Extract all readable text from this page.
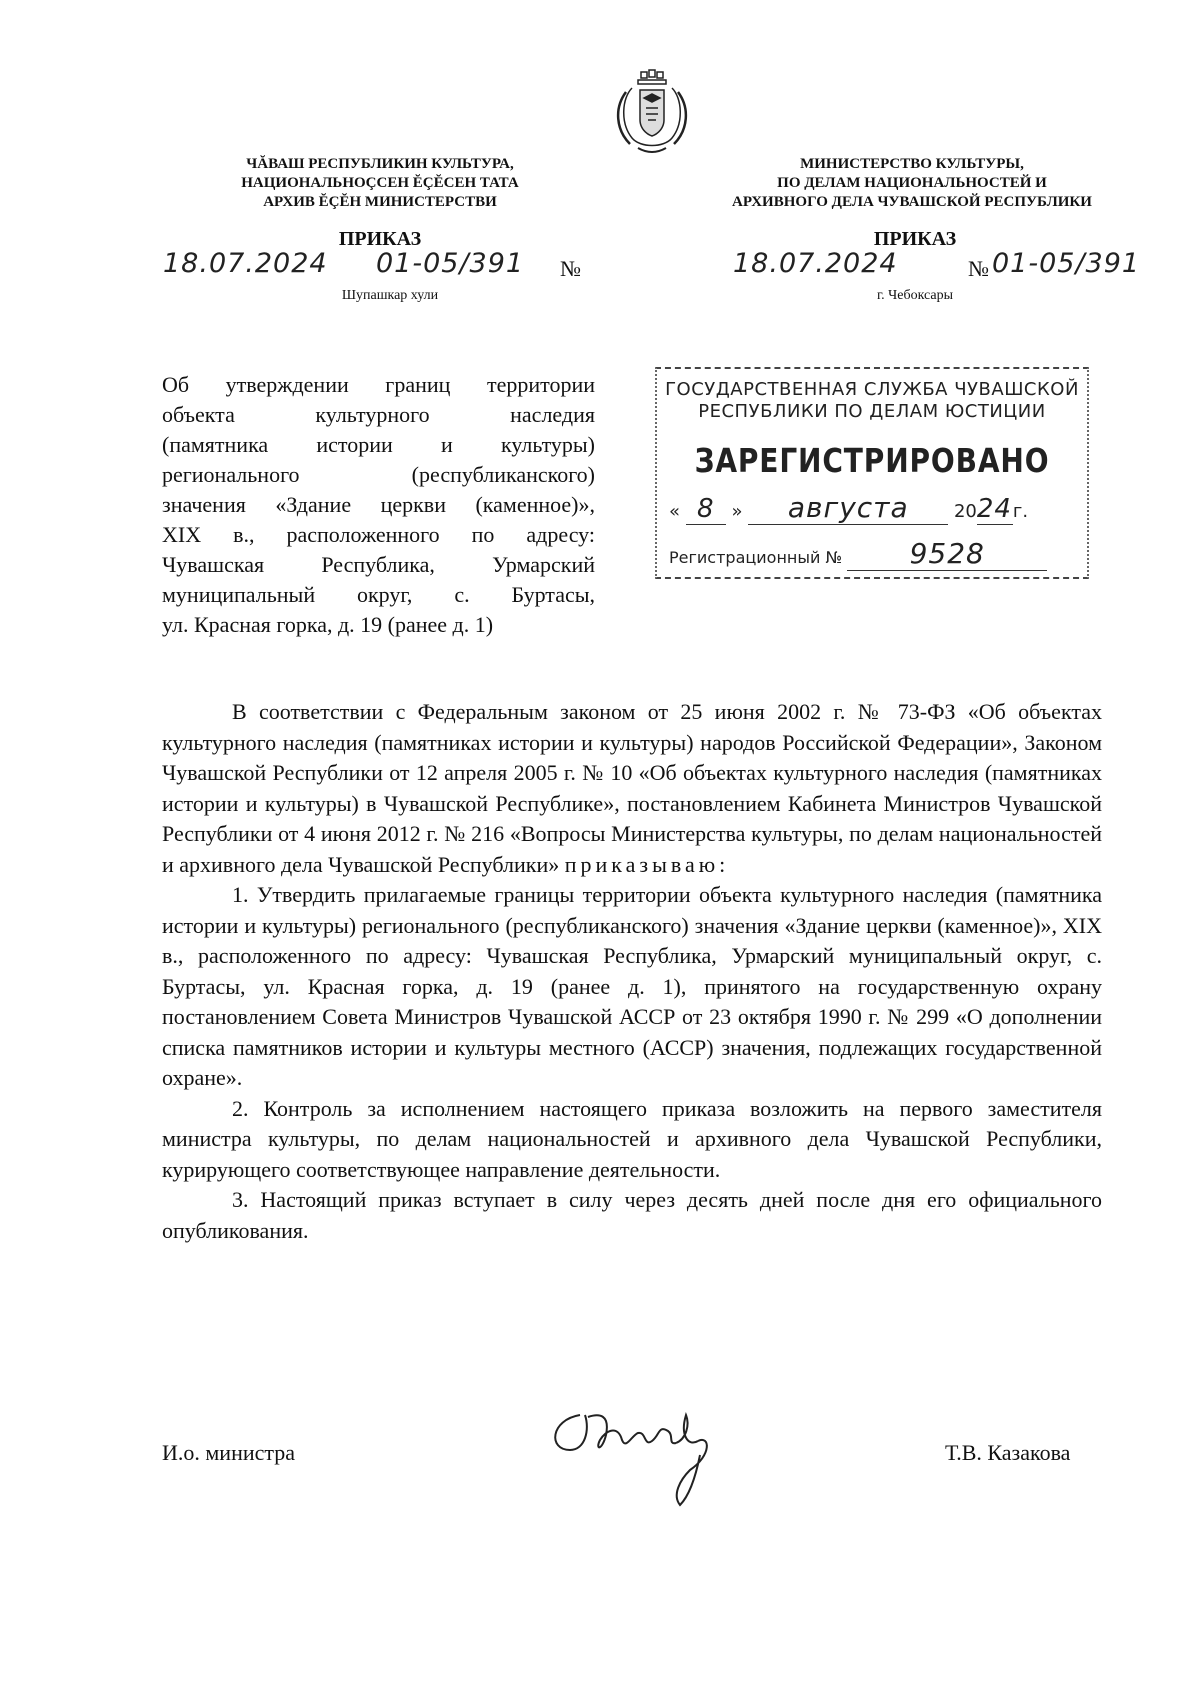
ЧĂВАШ РЕСПУБЛИКИН КУЛЬТУРА,
НАЦИОНАЛЬНОÇСЕН ĔÇĔСЕН ТАТА
АРХИВ ĔÇĔН МИНИСТЕРСТВИ
ПРИКАЗ
18.07.2024 01-05/391 №
Шупашкар хули
МИНИСТЕРСТВО КУЛЬТУРЫ,
ПО ДЕЛАМ НАЦИОНАЛЬНОСТЕЙ И
АРХИВНОГО ДЕЛА ЧУВАШСКОЙ РЕСПУБЛИКИ
ПРИКАЗ
18.07.2024	№ 01-05/391
г. Чебоксары
Об утверждении границ территории
объекта культурного наследия
(памятника истории и культуры)
регионального (республиканского)
значения «Здание церкви (каменное)»,
XIX в., расположенного по адресу:
Чувашская Республика, Урмарский
муниципальный округ, с. Буртасы,
ул. Красная горка, д. 19 (ранее д. 1)
ГОСУДАРСТВЕННАЯ СЛУЖБА ЧУВАШСКОЙ
РЕСПУБЛИКИ ПО ДЕЛАМ ЮСТИЦИИ
ЗАРЕГИСТРИРОВАНО
« 8 » августа	2024г.
Регистрационный № 9528

В соответствии с Федеральным законом от 25 июня 2002 г. № 73-ФЗ «Об объектах культурного наследия (памятниках истории и культуры) народов Российской Федерации», Законом Чувашской Республики от 12 апреля 2005 г. № 10 «Об объектах культурного наследия (памятниках истории и культуры) в Чувашской Республике», постановлением Кабинета Министров Чувашской Республики от 4 июня 2012 г. № 216 «Вопросы Министерства культуры, по делам национальностей и архивного дела Чувашской Республики» приказываю:

1. Утвердить прилагаемые границы территории объекта культурного наследия (памятника истории и культуры) регионального (республиканского) значения «Здание церкви (каменное)», XIX в., расположенного по адресу: Чувашская Республика, Урмарский муниципальный округ, с. Буртасы, ул. Красная горка, д. 19 (ранее д. 1), принятого на государственную охрану постановлением Совета Министров Чувашской АССР от 23 октября 1990 г. № 299 «О дополнении списка памятников истории и культуры местного (АССР) значения, подлежащих государственной охране».

2. Контроль за исполнением настоящего приказа возложить на первого заместителя министра культуры, по делам национальностей и архивного дела Чувашской Республики, курирующего соответствующее направление деятельности.

3. Настоящий приказ вступает в силу через десять дней после дня его официального опубликования.

И.о. министра	Т.В. Казакова
